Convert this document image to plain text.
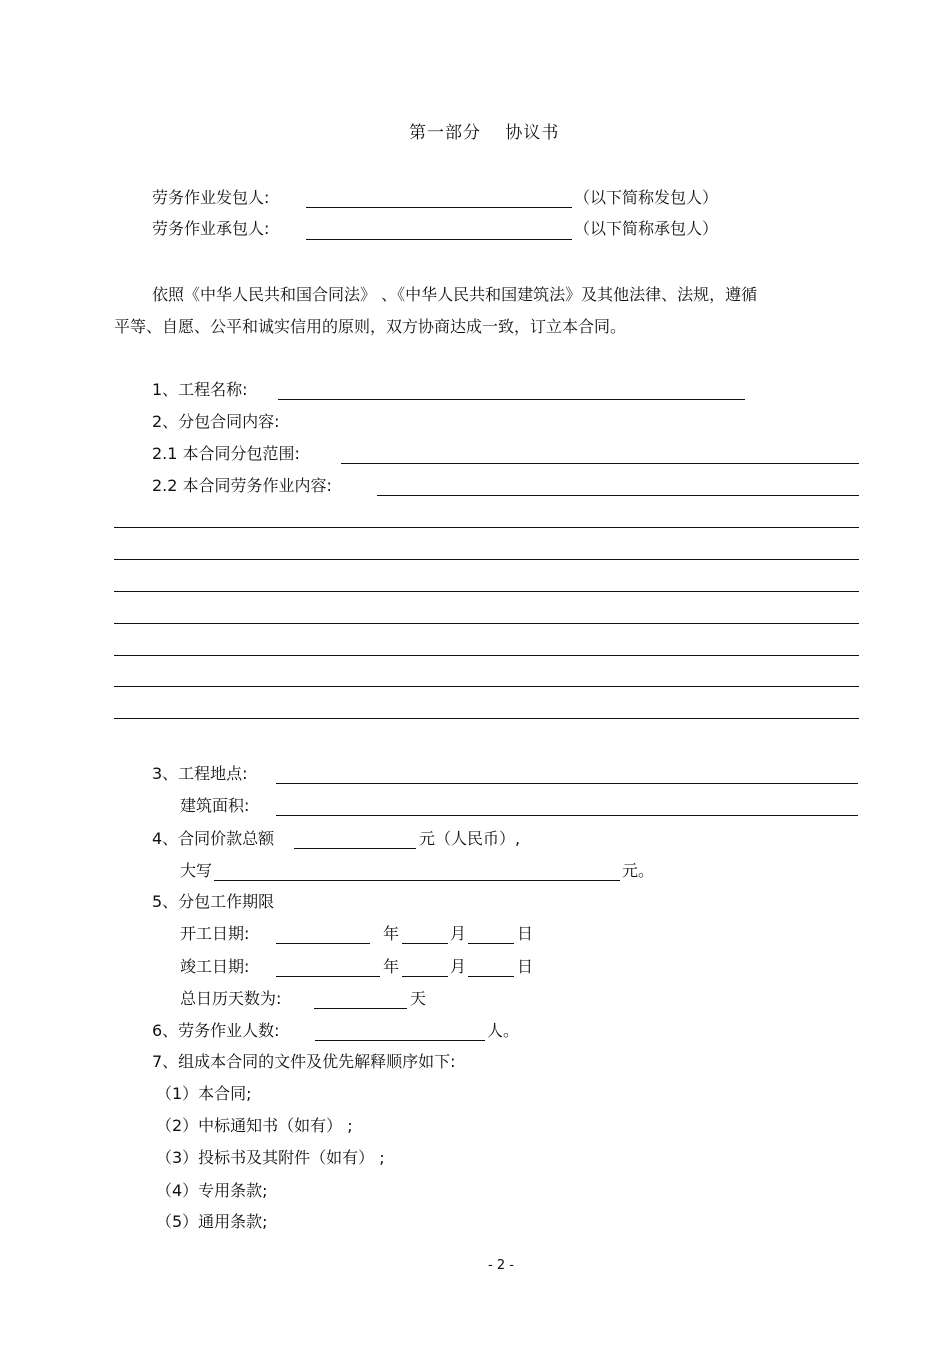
第一部分　 协议书
劳务作业发包人:	（以下简称发包人）
劳务作业承包人:	（以下简称承包人）
依照《中华人民共和国合同法》 、《中华人民共和国建筑法》及其他法律、法规，遵循
平等、自愿、公平和诚实信用的原则，双方协商达成一致，订立本合同。
1、工程名称:
2、分包合同内容:
2.1 本合同分包范围:
2.2 本合同劳务作业内容:
3、工程地点:
建筑面积:
4、合同价款总额	元（人民币）,
大写	元。
5、分包工作期限
开工日期:	年	月	日
竣工日期:	年	月	日
总日历天数为:	天
6、劳务作业人数:	人。
7、组成本合同的文件及优先解释顺序如下:
（1）本合同;
（2）中标通知书（如有） ;
（3）投标书及其附件（如有） ;
（4）专用条款;
（5）通用条款;
- 2 -
